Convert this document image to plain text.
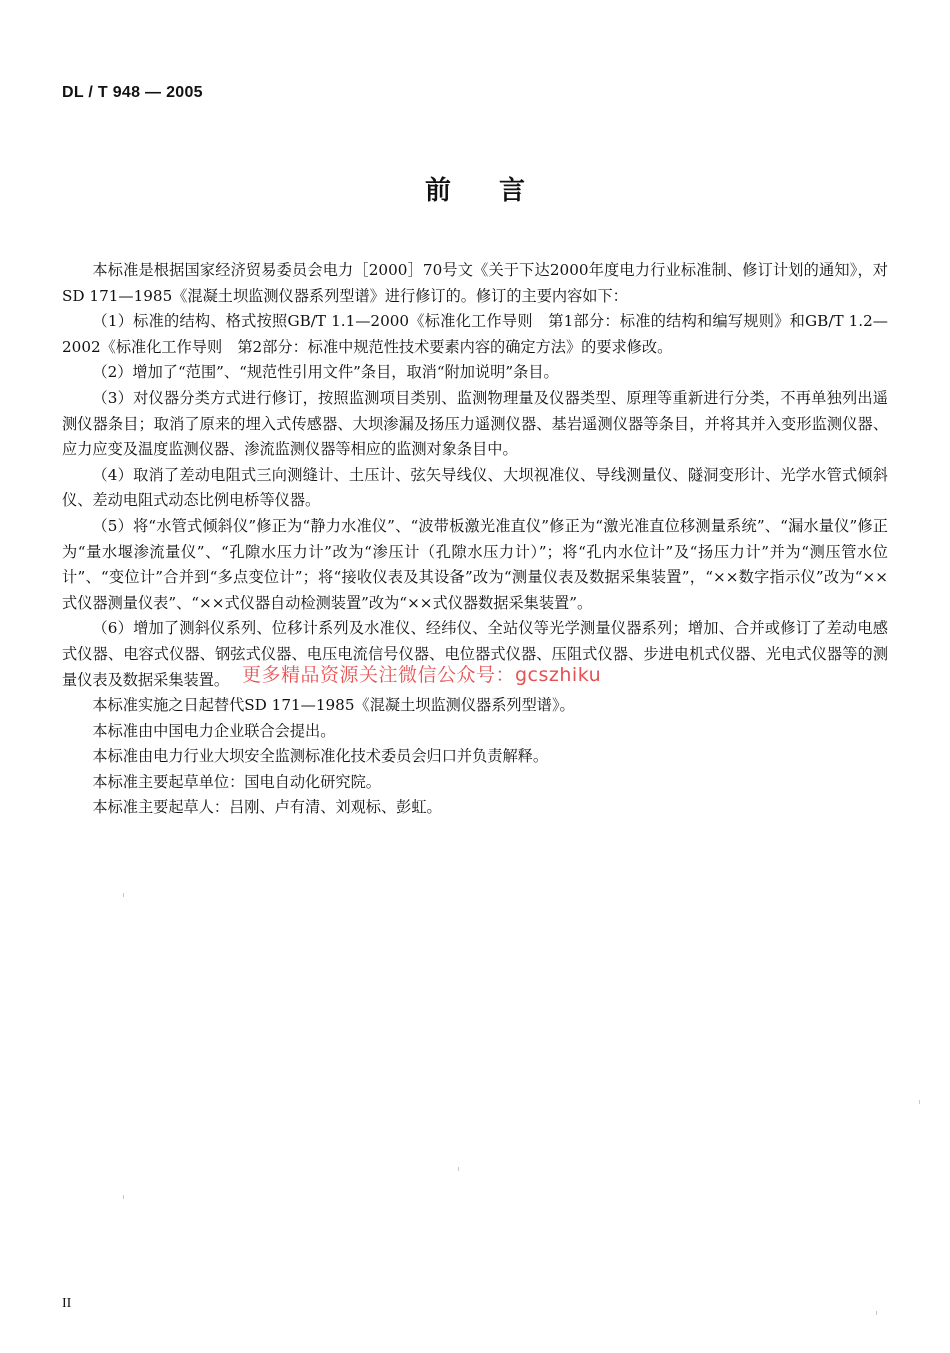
DL / T 948 — 2005
前言

本标准是根据国家经济贸易委员会电力［2000］70号文《关于下达2000年度电力行业标准制、修订计划的通知》，对SD 171—1985《混凝土坝监测仪器系列型谱》进行修订的。修订的主要内容如下：

（1）标准的结构、格式按照GB/T 1.1—2000《标准化工作导则　第1部分：标准的结构和编写规则》和GB/T 1.2—2002《标准化工作导则　第2部分：标准中规范性技术要素内容的确定方法》的要求修改。

（2）增加了“范围”、“规范性引用文件”条目，取消“附加说明”条目。

（3）对仪器分类方式进行修订，按照监测项目类别、监测物理量及仪器类型、原理等重新进行分类，不再单独列出遥测仪器条目；取消了原来的埋入式传感器、大坝渗漏及扬压力遥测仪器、基岩遥测仪器等条目，并将其并入变形监测仪器、应力应变及温度监测仪器、渗流监测仪器等相应的监测对象条目中。

（4）取消了差动电阻式三向测缝计、土压计、弦矢导线仪、大坝视准仪、导线测量仪、隧洞变形计、光学水管式倾斜仪、差动电阻式动态比例电桥等仪器。

（5）将“水管式倾斜仪”修正为“静力水准仪”、“波带板激光准直仪”修正为“激光准直位移测量系统”、“漏水量仪”修正为“量水堰渗流量仪”、“孔隙水压力计”改为“渗压计（孔隙水压力计）”；将“孔内水位计”及“扬压力计”并为“测压管水位计”、“变位计”合并到“多点变位计”；将“接收仪表及其设备”改为“测量仪表及数据采集装置”，“××数字指示仪”改为“××式仪器测量仪表”、“××式仪器自动检测装置”改为“××式仪器数据采集装置”。

（6）增加了测斜仪系列、位移计系列及水准仪、经纬仪、全站仪等光学测量仪器系列；增加、合并或修订了差动电感式仪器、电容式仪器、钢弦式仪器、电压电流信号仪器、电位器式仪器、压阻式仪器、步进电机式仪器、光电式仪器等的测量仪表及数据采集装置。

本标准实施之日起替代SD 171—1985《混凝土坝监测仪器系列型谱》。

本标准由中国电力企业联合会提出。

本标准由电力行业大坝安全监测标准化技术委员会归口并负责解释。

本标准主要起草单位：国电自动化研究院。

本标准主要起草人：吕刚、卢有清、刘观标、彭虹。

更多精品资源关注微信公众号：gcszhiku
II
